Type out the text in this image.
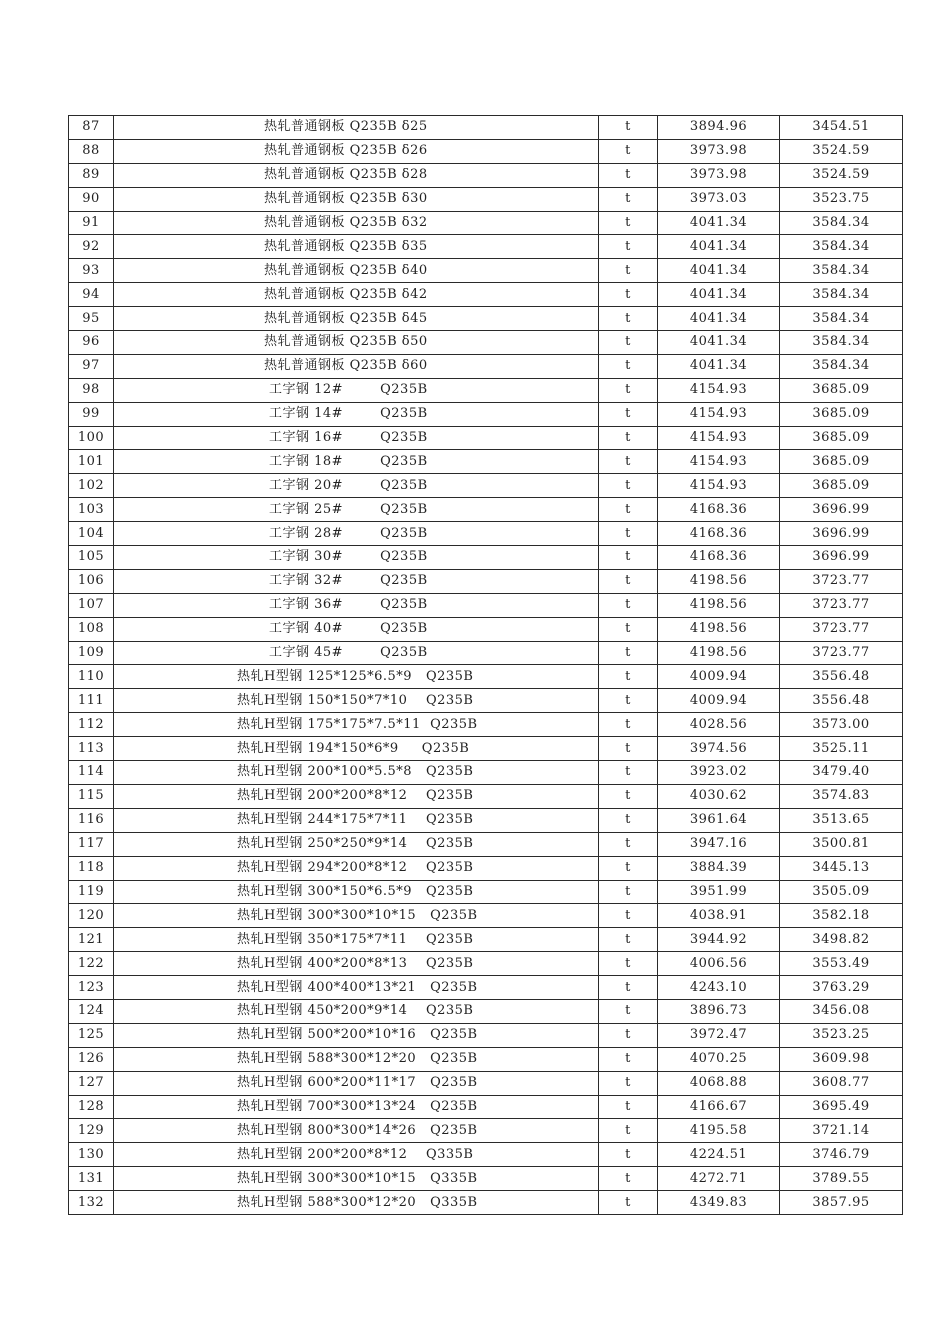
87	热轧普通钢板 Q235B δ25	t	3894.96	3454.51
88	热轧普通钢板 Q235B δ26	t	3973.98	3524.59
89	热轧普通钢板 Q235B δ28	t	3973.98	3524.59
90	热轧普通钢板 Q235B δ30	t	3973.03	3523.75
91	热轧普通钢板 Q235B δ32	t	4041.34	3584.34
92	热轧普通钢板 Q235B δ35	t	4041.34	3584.34
93	热轧普通钢板 Q235B δ40	t	4041.34	3584.34
94	热轧普通钢板 Q235B δ42	t	4041.34	3584.34
95	热轧普通钢板 Q235B δ45	t	4041.34	3584.34
96	热轧普通钢板 Q235B δ50	t	4041.34	3584.34
97	热轧普通钢板 Q235B δ60	t	4041.34	3584.34
98	工字钢 12#        Q235B	t	4154.93	3685.09
99	工字钢 14#        Q235B	t	4154.93	3685.09
100	工字钢 16#        Q235B	t	4154.93	3685.09
101	工字钢 18#        Q235B	t	4154.93	3685.09
102	工字钢 20#        Q235B	t	4154.93	3685.09
103	工字钢 25#        Q235B	t	4168.36	3696.99
104	工字钢 28#        Q235B	t	4168.36	3696.99
105	工字钢 30#        Q235B	t	4168.36	3696.99
106	工字钢 32#        Q235B	t	4198.56	3723.77
107	工字钢 36#        Q235B	t	4198.56	3723.77
108	工字钢 40#        Q235B	t	4198.56	3723.77
109	工字钢 45#        Q235B	t	4198.56	3723.77
110	热轧H型钢 125*125*6.5*9   Q235B	t	4009.94	3556.48
111	热轧H型钢 150*150*7*10    Q235B	t	4009.94	3556.48
112	热轧H型钢 175*175*7.5*11  Q235B	t	4028.56	3573.00
113	热轧H型钢 194*150*6*9     Q235B	t	3974.56	3525.11
114	热轧H型钢 200*100*5.5*8   Q235B	t	3923.02	3479.40
115	热轧H型钢 200*200*8*12    Q235B	t	4030.62	3574.83
116	热轧H型钢 244*175*7*11    Q235B	t	3961.64	3513.65
117	热轧H型钢 250*250*9*14    Q235B	t	3947.16	3500.81
118	热轧H型钢 294*200*8*12    Q235B	t	3884.39	3445.13
119	热轧H型钢 300*150*6.5*9   Q235B	t	3951.99	3505.09
120	热轧H型钢 300*300*10*15   Q235B	t	4038.91	3582.18
121	热轧H型钢 350*175*7*11    Q235B	t	3944.92	3498.82
122	热轧H型钢 400*200*8*13    Q235B	t	4006.56	3553.49
123	热轧H型钢 400*400*13*21   Q235B	t	4243.10	3763.29
124	热轧H型钢 450*200*9*14    Q235B	t	3896.73	3456.08
125	热轧H型钢 500*200*10*16   Q235B	t	3972.47	3523.25
126	热轧H型钢 588*300*12*20   Q235B	t	4070.25	3609.98
127	热轧H型钢 600*200*11*17   Q235B	t	4068.88	3608.77
128	热轧H型钢 700*300*13*24   Q235B	t	4166.67	3695.49
129	热轧H型钢 800*300*14*26   Q235B	t	4195.58	3721.14
130	热轧H型钢 200*200*8*12    Q335B	t	4224.51	3746.79
131	热轧H型钢 300*300*10*15   Q335B	t	4272.71	3789.55
132	热轧H型钢 588*300*12*20   Q335B	t	4349.83	3857.95
